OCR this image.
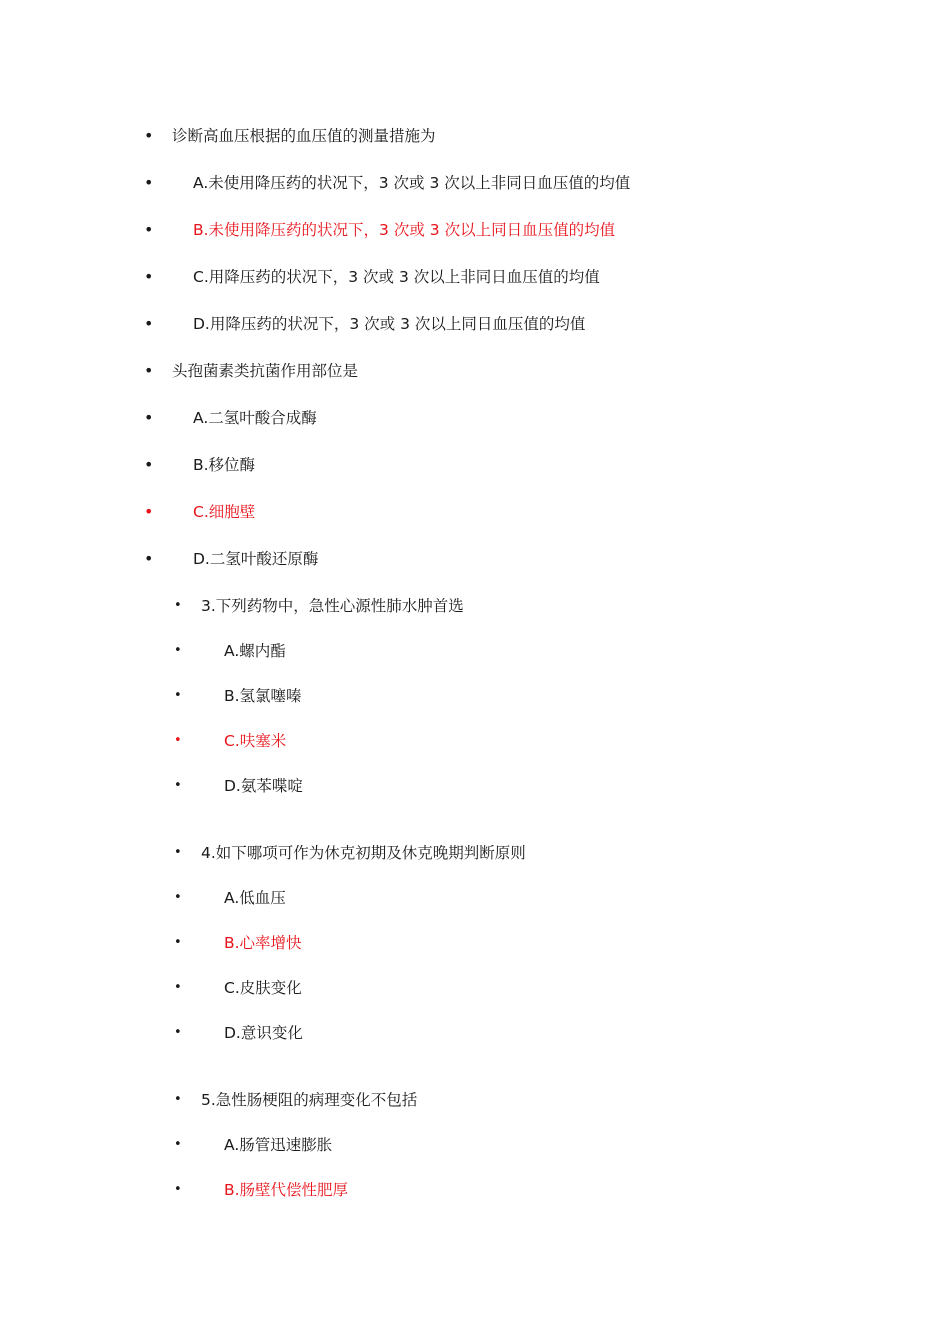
• 诊断高血压根据的血压值的测量措施为
•	A.未使用降压药的状况下，3 次或 3 次以上非同日血压值的均值
•	B.未使用降压药的状况下，3 次或 3 次以上同日血压值的均值
•	C.用降压药的状况下，3 次或 3 次以上非同日血压值的均值
•	D.用降压药的状况下，3 次或 3 次以上同日血压值的均值
• 头孢菌素类抗菌作用部位是
•	A.二氢叶酸合成酶
•	B.移位酶
•	C.细胞壁
•	D.二氢叶酸还原酶
• 3.下列药物中，急性心源性肺水肿首选
•	A.螺内酯
•	B.氢氯噻嗪
•	C.呋塞米
•	D.氨苯喋啶
• 4.如下哪项可作为休克初期及休克晚期判断原则
•	A.低血压
•	B.心率增快
•	C.皮肤变化
•	D.意识变化
• 5.急性肠梗阻的病理变化不包括
•	A.肠管迅速膨胀
•	B.肠壁代偿性肥厚
